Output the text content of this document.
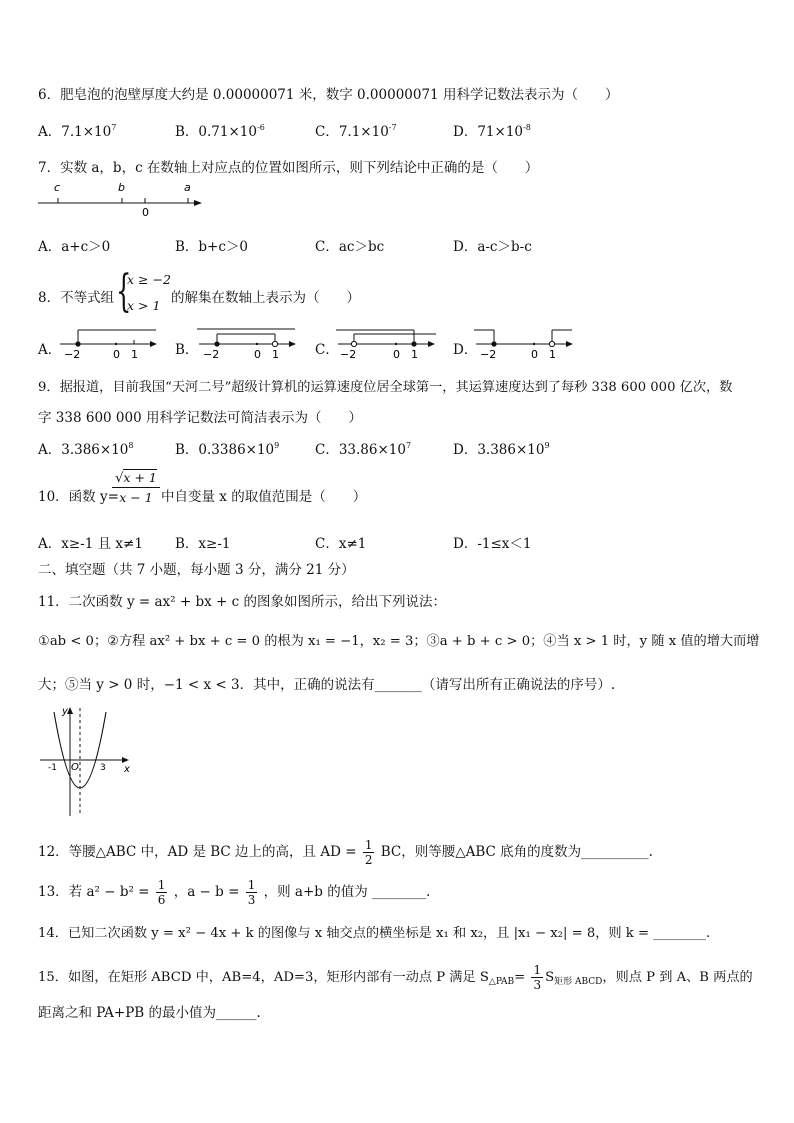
6．肥皂泡的泡壁厚度大约是 0.00000071 米，数字 0.00000071 用科学记数法表示为（　　）
A．$7.1\times 10^7$	B．$0.71\times 10^{-6}$	C．$7.1\times 10^{-7}$	D．$71\times 10^{-8}$
7．实数 a，b，c 在数轴上对应点的位置如图所示，则下列结论中正确的是（　　）
c	b	a
0
A．a+c＞0	B．b+c＞0	C．ac＞bc	D．a-c＞b-c
8．不等式组 {
x ≥ −2
x > 1 的解集在数轴上表示为（　　）
A． −2	0 1	B． −2	0 1	C． −2	0 1	D． −2	0 1
9．据报道，目前我国“天河二号”超级计算机的运算速度位居全球第一，其运算速度达到了每秒 338 600 000 亿次，数
字 338 600 000 用科学记数法可简洁表示为（　　）
A．$3.386\times 10^8$	B．$0.3386\times 10^9$	C．$33.86\times 10^7$	D．$3.386\times 10^9$
10．函数 y=
√x + 1
x − 1 中自变量 x 的取值范围是（　　）
A．x≥-1 且 x≠1 B．x≥-1	C．x≠1	D．-1≤x＜1
二、填空题（共 7 小题，每小题 3 分，满分 21 分）
11．二次函数 y = ax² + bx + c 的图象如图所示，给出下列说法：
①ab < 0；②方程 ax² + bx + c = 0 的根为 x₁ = −1，x₂ = 3；③a + b + c > 0；④当 x > 1 时，y 随 x 值的增大而增
大；⑤当 y > 0 时，−1 < x < 3．其中，正确的说法有_______（请写出所有正确说法的序号）.
y
x
O
-1	3
12．等腰△ABC 中，AD 是 BC 边上的高，且 AD = $\frac{1}{2}$ BC，则等腰△ABC 底角的度数为__________.
13．若 $a^2 - b^2 = \frac{1}{6}$ ，$a - b = \frac{1}{3}$ ，则 a+b 的值为 ________.
14．已知二次函数 y = x² − 4x + k 的图像与 x 轴交点的横坐标是 x₁ 和 x₂，且 |x₁ − x₂| = 8，则 k = ________.
15．如图，在矩形 ABCD 中，AB=4，AD=3，矩形内部有一动点 P 满足 $S_{\triangle PAB}= \frac{1}{3} S_{矩形 ABCD}$，则点 P 到 A、B 两点的
距离之和 PA+PB 的最小值为______.
